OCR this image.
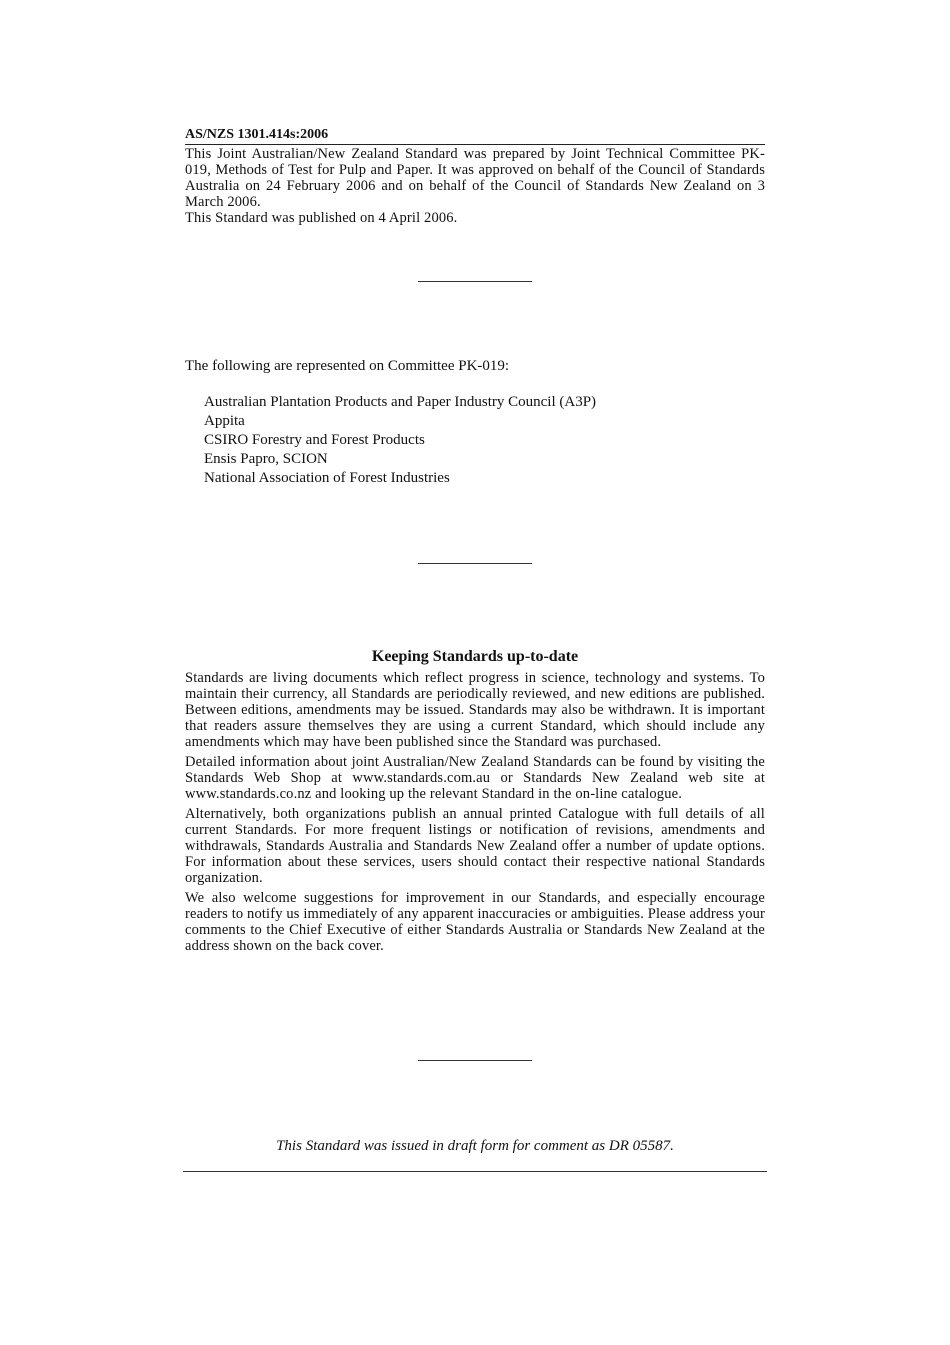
AS/NZS 1301.414s:2006

This Joint Australian/New Zealand Standard was prepared by Joint Technical Committee PK-019, Methods of Test for Pulp and Paper. It was approved on behalf of the Council of Standards Australia on 24 February 2006 and on behalf of the Council of Standards New Zealand on 3 March 2006.

This Standard was published on 4 April 2006.

The following are represented on Committee PK-019:

Australian Plantation Products and Paper Industry Council (A3P)
Appita
CSIRO Forestry and Forest Products
Ensis Papro, SCION
National Association of Forest Industries
Keeping Standards up-to-date

Standards are living documents which reflect progress in science, technology and systems. To maintain their currency, all Standards are periodically reviewed, and new editions are published. Between editions, amendments may be issued. Standards may also be withdrawn. It is important that readers assure themselves they are using a current Standard, which should include any amendments which may have been published since the Standard was purchased.

Detailed information about joint Australian/New Zealand Standards can be found by visiting the Standards Web Shop at www.standards.com.au or Standards New Zealand web site at www.standards.co.nz and looking up the relevant Standard in the on-line catalogue.

Alternatively, both organizations publish an annual printed Catalogue with full details of all current Standards. For more frequent listings or notification of revisions, amendments and withdrawals, Standards Australia and Standards New Zealand offer a number of update options. For information about these services, users should contact their respective national Standards organization.

We also welcome suggestions for improvement in our Standards, and especially encourage readers to notify us immediately of any apparent inaccuracies or ambiguities. Please address your comments to the Chief Executive of either Standards Australia or Standards New Zealand at the address shown on the back cover.

This Standard was issued in draft form for comment as DR 05587.
